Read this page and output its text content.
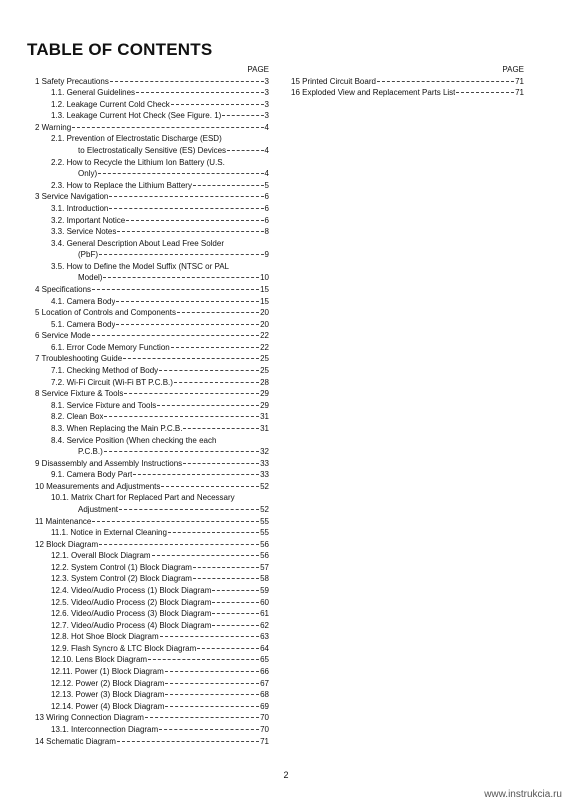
TABLE OF CONTENTS
PAGE
1 Safety Precautions	3
1.1. General Guidelines	3
1.2. Leakage Current Cold Check	3
1.3. Leakage Current Hot Check (See Figure. 1)	3
2 Warning	4
2.1. Prevention of Electrostatic Discharge (ESD)
to Electrostatically Sensitive (ES) Devices	4
2.2. How to Recycle the Lithium Ion Battery (U.S.
Only)	4
2.3. How to Replace the Lithium Battery	5
3 Service Navigation	6
3.1. Introduction	6
3.2. Important Notice	6
3.3. Service Notes	8
3.4. General Description About Lead Free Solder
(PbF)	9
3.5. How to Define the Model Suffix (NTSC or PAL
Model)	10
4 Specifications	15
4.1. Camera Body	15
5 Location of Controls and Components	20
5.1. Camera Body	20
6 Service Mode	22
6.1. Error Code Memory Function	22
7 Troubleshooting Guide	25
7.1. Checking Method of Body	25
7.2. Wi-Fi Circuit (Wi-Fi BT P.C.B.)	28
8 Service Fixture & Tools	29
8.1. Service Fixture and Tools	29
8.2. Clean Box	31
8.3. When Replacing the Main P.C.B.	31
8.4. Service Position (When checking the each
P.C.B.)	32
9 Disassembly and Assembly Instructions	33
9.1. Camera Body Part	33
10 Measurements and Adjustments	52
10.1. Matrix Chart for Replaced Part and Necessary
Adjustment	52
11 Maintenance	55
11.1. Notice in External Cleaning	55
12 Block Diagram	56
12.1. Overall Block Diagram	56
12.2. System Control (1) Block Diagram	57
12.3. System Control (2) Block Diagram	58
12.4. Video/Audio Process (1) Block Diagram	59
12.5. Video/Audio Process (2) Block Diagram	60
12.6. Video/Audio Process (3) Block Diagram	61
12.7. Video/Audio Process (4) Block Diagram	62
12.8. Hot Shoe Block Diagram	63
12.9. Flash Syncro & LTC Block Diagram	64
12.10. Lens Block Diagram	65
12.11. Power (1) Block Diagram	66
12.12. Power (2) Block Diagram	67
12.13. Power (3) Block Diagram	68
12.14. Power (4) Block Diagram	69
13 Wiring Connection Diagram	70
13.1. Interconnection Diagram	70
14 Schematic Diagram	71
PAGE
15 Printed Circuit Board	71
16 Exploded View and Replacement Parts List	71
2
www.instrukcia.ru
